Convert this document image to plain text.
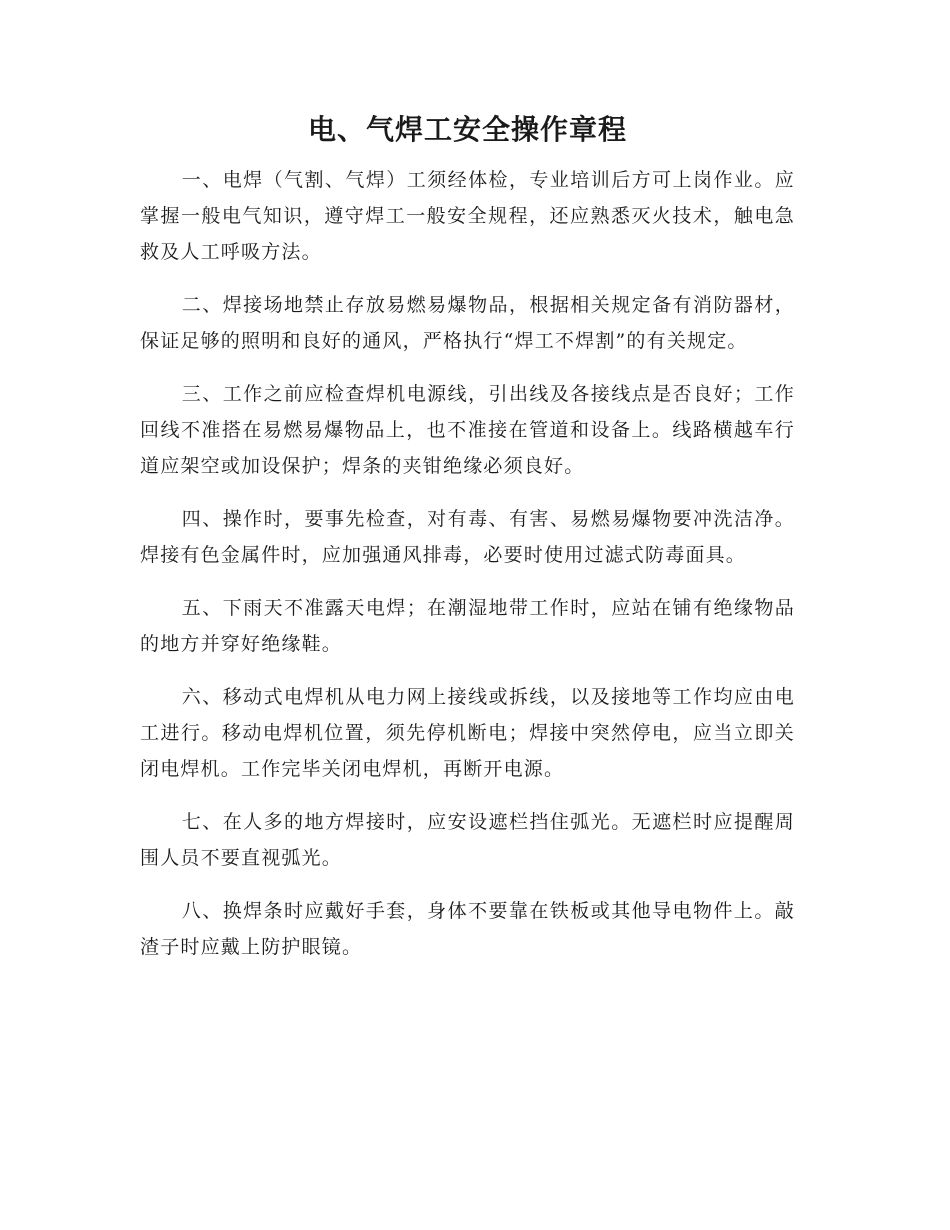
电、气焊工安全操作章程

一、电焊（气割、气焊）工须经体检，专业培训后方可上岗作业。应掌握一般电气知识，遵守焊工一般安全规程，还应熟悉灭火技术，触电急救及人工呼吸方法。

二、焊接场地禁止存放易燃易爆物品，根据相关规定备有消防器材，保证足够的照明和良好的通风，严格执行“焊工不焊割”的有关规定。

三、工作之前应检查焊机电源线，引出线及各接线点是否良好；工作回线不准搭在易燃易爆物品上，也不准接在管道和设备上。线路横越车行道应架空或加设保护；焊条的夹钳绝缘必须良好。

四、操作时，要事先检查，对有毒、有害、易燃易爆物要冲洗洁净。焊接有色金属件时，应加强通风排毒，必要时使用过滤式防毒面具。

五、下雨天不准露天电焊；在潮湿地带工作时，应站在铺有绝缘物品的地方并穿好绝缘鞋。

六、移动式电焊机从电力网上接线或拆线，以及接地等工作均应由电工进行。移动电焊机位置，须先停机断电；焊接中突然停电，应当立即关闭电焊机。工作完毕关闭电焊机，再断开电源。

七、在人多的地方焊接时，应安设遮栏挡住弧光。无遮栏时应提醒周围人员不要直视弧光。

八、换焊条时应戴好手套，身体不要靠在铁板或其他导电物件上。敲渣子时应戴上防护眼镜。
